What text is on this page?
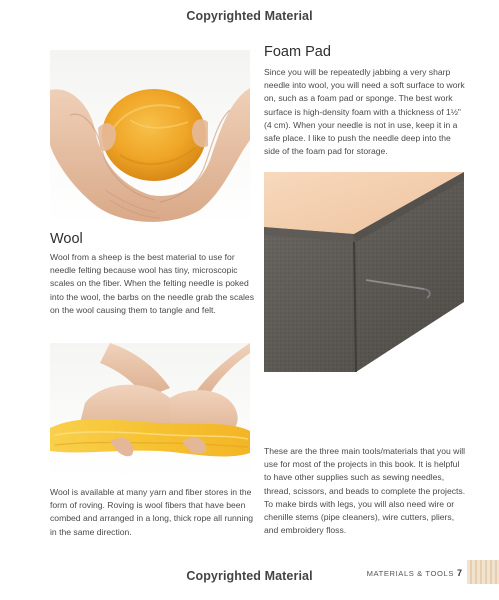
Copyrighted Material
Foam Pad
Since you will be repeatedly jabbing a very sharp needle into wool, you will need a soft surface to work on, such as a foam pad or sponge. The best work surface is high-density foam with a thickness of 1½" (4 cm). When your needle is not in use, keep it in a safe place. I like to push the needle deep into the side of the foam pad for storage.
Wool
Wool from a sheep is the best material to use for needle felting because wool has tiny, microscopic scales on the fiber. When the felting needle is poked into the wool, the barbs on the needle grab the scales on the wool causing them to tangle and felt.
Wool is available at many yarn and fiber stores in the form of roving. Roving is wool fibers that have been combed and arranged in a long, thick rope all running in the same direction.
These are the three main tools/materials that you will use for most of the projects in this book. It is helpful to have other supplies such as sewing needles, thread, scissors, and beads to complete the projects. To make birds with legs, you will also need wire or chenille stems (pipe cleaners), wire cutters, pliers, and embroidery floss.
MATERIALS & TOOLS 7
Copyrighted Material
